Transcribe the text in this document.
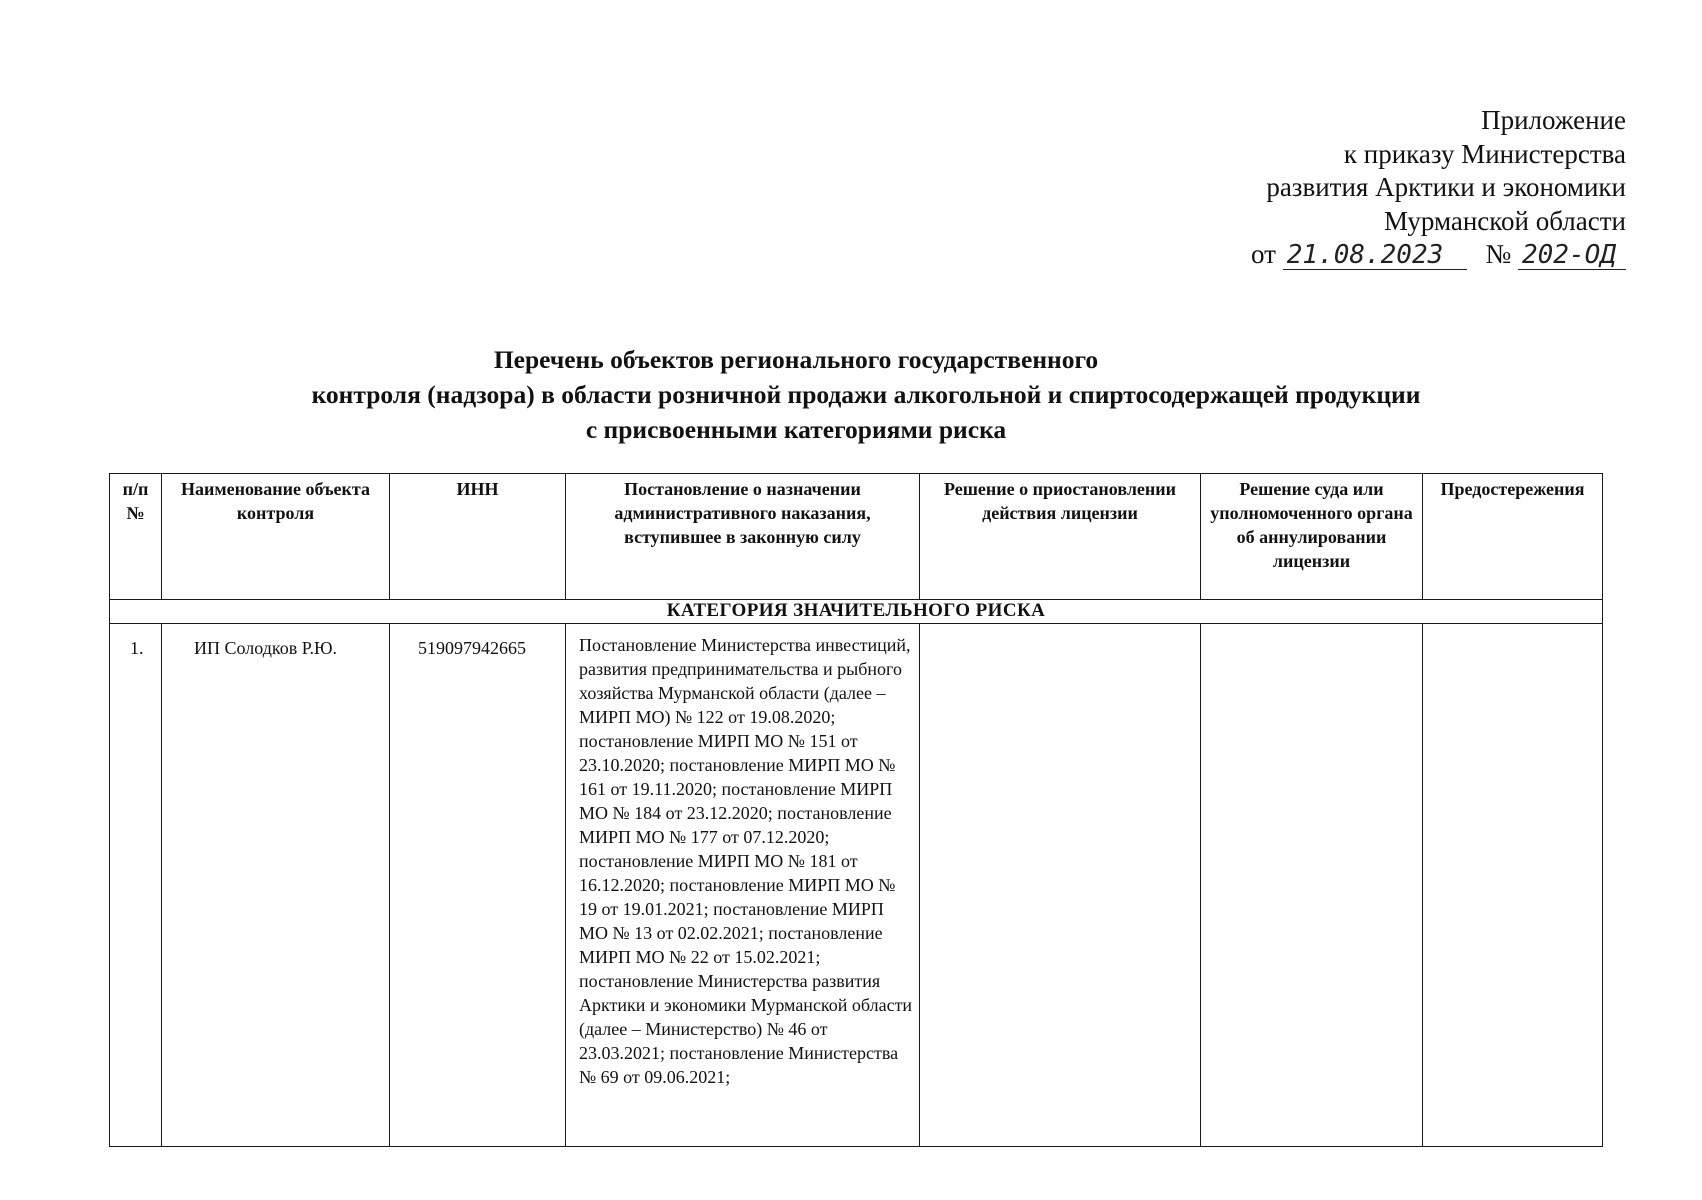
Приложение
к приказу Министерства
развития Арктики и экономики
Мурманской области
от 21.08.2023 № 202-ОД
Перечень объектов регионального государственного
контроля (надзора) в области розничной продажи алкогольной и спиртосодержащей продукции
с присвоенными категориями риска
п/п №	Наименование объекта контроля	ИНН	Постановление о назначении административного наказания, вступившее в законную силу	Решение о приостановлении действия лицензии	Решение суда или уполномоченного органа об аннулировании лицензии	Предостережения
КАТЕГОРИЯ ЗНАЧИТЕЛЬНОГО РИСКА						
1.	ИП Солодков Р.Ю.	519097942665	Постановление Министерства инвестиций, развития предпринимательства и рыбного хозяйства Мурманской области (далее – МИРП МО) № 122 от 19.08.2020; постановление МИРП МО № 151 от 23.10.2020; постановление МИРП МО № 161 от 19.11.2020; постановление МИРП МО № 184 от 23.12.2020; постановление МИРП МО № 177 от 07.12.2020; постановление МИРП МО № 181 от 16.12.2020; постановление МИРП МО № 19 от 19.01.2021; постановление МИРП МО № 13 от 02.02.2021; постановление МИРП МО № 22 от 15.02.2021; постановление Министерства развития Арктики и экономики Мурманской области (далее – Министерство) № 46 от 23.03.2021; постановление Министерства № 69 от 09.06.2021;			
